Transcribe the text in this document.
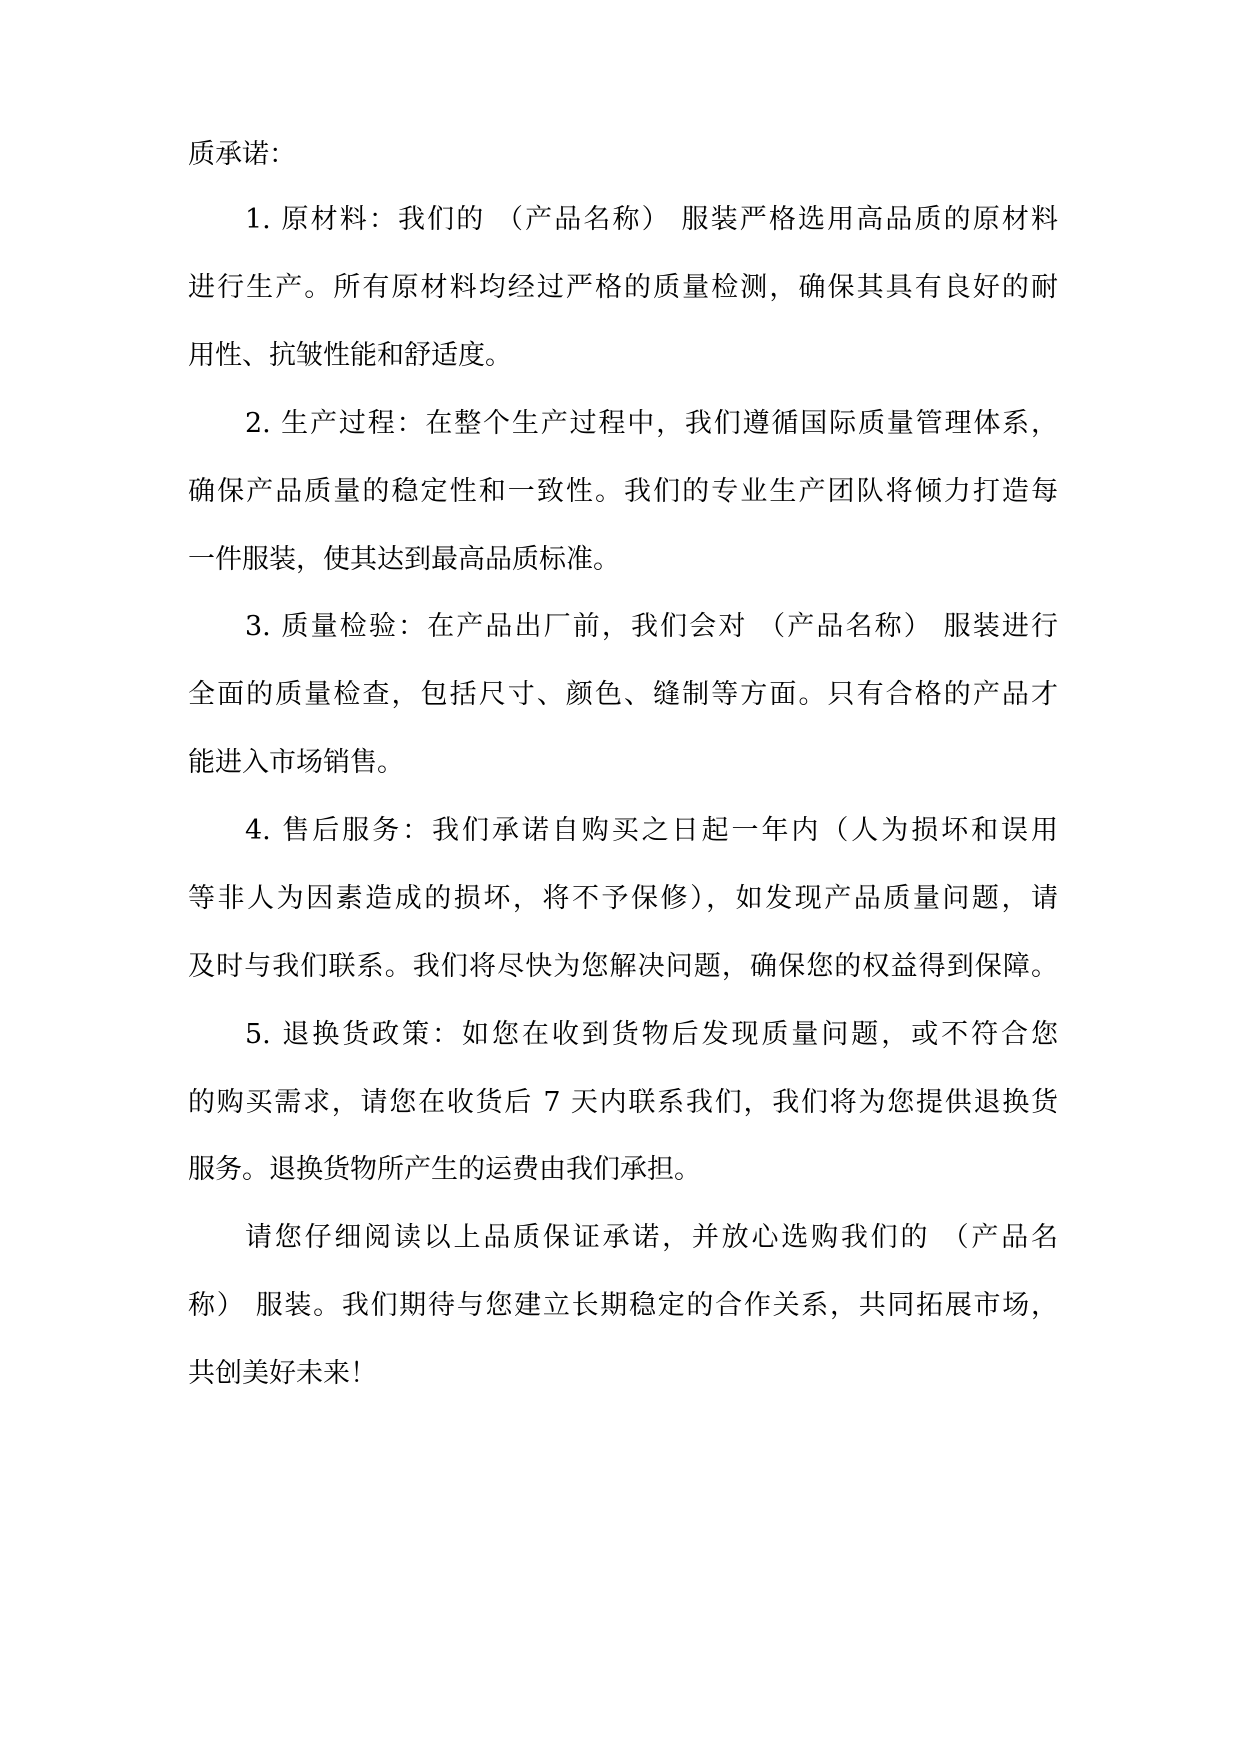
质承诺：
1. 原材料：我们的 （产品名称） 服装严格选用高品质的原材料
进行生产。所有原材料均经过严格的质量检测，确保其具有良好的耐
用性、抗皱性能和舒适度。
2. 生产过程：在整个生产过程中，我们遵循国际质量管理体系，
确保产品质量的稳定性和一致性。我们的专业生产团队将倾力打造每
一件服装，使其达到最高品质标准。
3. 质量检验：在产品出厂前，我们会对 （产品名称） 服装进行
全面的质量检查，包括尺寸、颜色、缝制等方面。只有合格的产品才
能进入市场销售。
4. 售后服务：我们承诺自购买之日起一年内（人为损坏和误用
等非人为因素造成的损坏，将不予保修），如发现产品质量问题，请
及时与我们联系。我们将尽快为您解决问题，确保您的权益得到保障。
5. 退换货政策：如您在收到货物后发现质量问题，或不符合您
的购买需求，请您在收货后 7 天内联系我们，我们将为您提供退换货
服务。退换货物所产生的运费由我们承担。
请您仔细阅读以上品质保证承诺，并放心选购我们的 （产品名
称） 服装。我们期待与您建立长期稳定的合作关系，共同拓展市场，
共创美好未来！
